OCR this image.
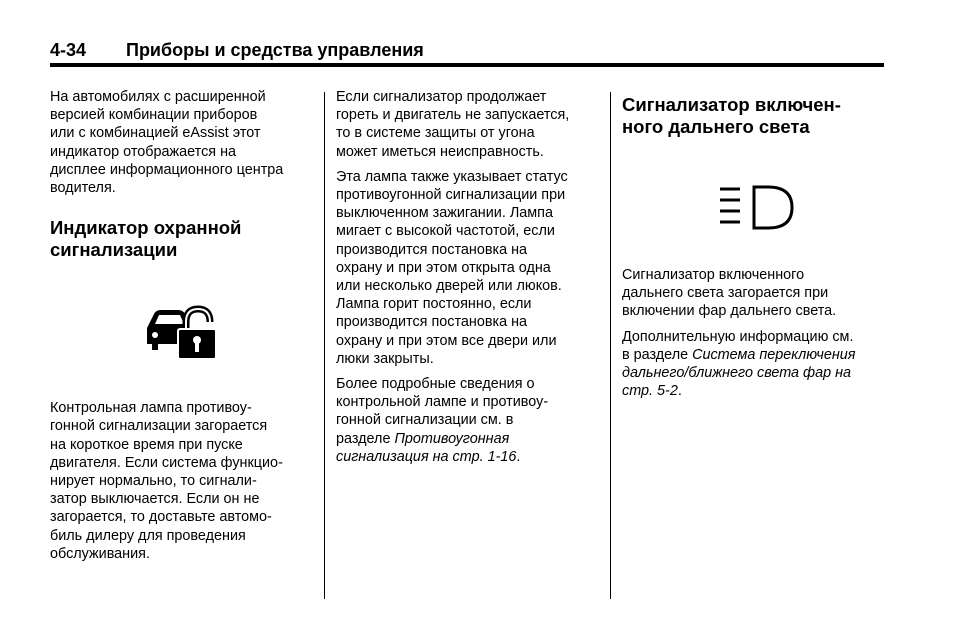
4-34 Приборы и средства управления

На автомобилях с расширенной
версией комбинации приборов
или с комбинацией eAssist этот
индикатор отображается на
дисплее информационного центра
водителя.

Индикатор охранной
сигнализации

Контрольная лампа противоу-
гонной сигнализации загорается
на короткое время при пуске
двигателя. Если система функцио-
нирует нормально, то сигнали-
затор выключается. Если он не
загорается, то доставьте автомо-
биль дилеру для проведения
обслуживания.

Если сигнализатор продолжает
гореть и двигатель не запускается,
то в системе защиты от угона
может иметься неисправность.

Эта лампа также указывает статус
противоугонной сигнализации при
выключенном зажигании. Лампа
мигает с высокой частотой, если
производится постановка на
охрану и при этом открыта одна
или несколько дверей или люков.
Лампа горит постоянно, если
производится постановка на
охрану и при этом все двери или
люки закрыты.

Более подробные сведения о
контрольной лампе и противоу-
гонной сигнализации см. в
разделе Противоугонная
сигнализация на стр. 1-16.

Сигнализатор включен-
ного дальнего света

Сигнализатор включенного
дальнего света загорается при
включении фар дальнего света.

Дополнительную информацию см.
в разделе Системa переключения
дальнего/ближнего света фар на
стр. 5-2.
